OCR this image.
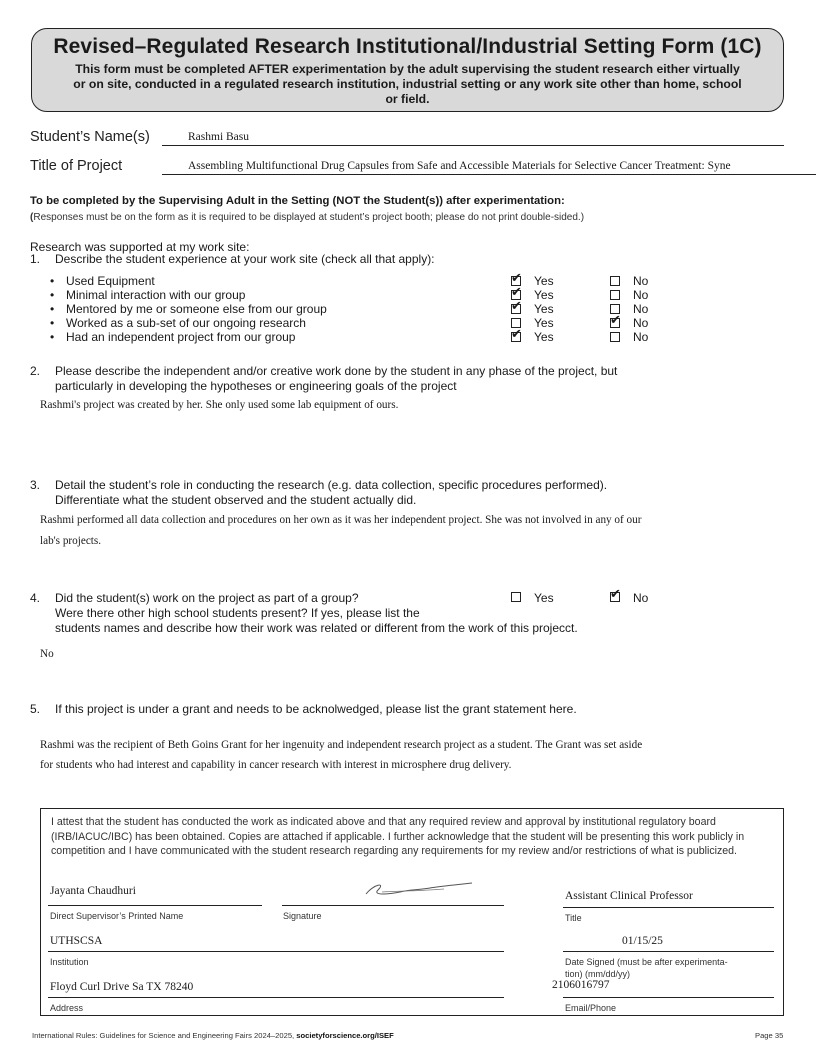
Revised–Regulated Research Institutional/Industrial Setting Form (1C)
This form must be completed AFTER experimentation by the adult supervising the student research either virtually or on site, conducted in a regulated research institution, industrial setting or any work site other than home, school or field.
Student’s Name(s)	Rashmi Basu
Title of Project	Assembling Multifunctional Drug Capsules from Safe and Accessible Materials for Selective Cancer Treatment: Syne
To be completed by the Supervising Adult in the Setting (NOT the Student(s)) after experimentation:
(Responses must be on the form as it is required to be displayed at student’s project booth; please do not print double-sided.)
Research was supported at my work site:
1. Describe the student experience at your work site (check all that apply):
• Used Equipment	✔ Yes	No
• Minimal interaction with our group	✔ Yes	No
• Mentored by me or someone else from our group	✔ Yes	No
• Worked as a sub-set of our ongoing research	Yes	✔ No
• Had an independent project from our group	✔ Yes	No
2. Please describe the independent and/or creative work done by the student in any phase of the project, but
particularly in developing the hypotheses or engineering goals of the project
Rashmi's project was created by her. She only used some lab equipment of ours.
3. Detail the student’s role in conducting the research (e.g. data collection, specific procedures performed).
Differentiate what the student observed and the student actually did.
Rashmi performed all data collection and procedures on her own as it was her independent project. She was not involved in any of our
lab's projects.
4. Did the student(s) work on the project as part of a group?
Were there other high school students present? If yes, please list the
students names and describe how their work was related or different from the work of this projecct.
Yes	✔ No
No
5. If this project is under a grant and needs to be acknolwedged, please list the grant statement here.
Rashmi was the recipient of Beth Goins Grant for her ingenuity and independent research project as a student. The Grant was set aside
for students who had interest and capability in cancer research with interest in microsphere drug delivery.
I attest that the student has conducted the work as indicated above and that any required review and approval by institutional regulatory board (IRB/IACUC/IBC) has been obtained. Copies are attached if applicable. I further acknowledge that the student will be presenting this work publicly in competition and I have communicated with the student research regarding any requirements for my review and/or restrictions of what is publicized.
Jayanta Chaudhuri
Direct Supervisor’s Printed Name	Signature
Assistant Clinical Professor
Title
UTHSCSA
Institution
01/15/25
Date Signed (must be after experimenta-
tion) (mm/dd/yy)
Floyd Curl Drive Sa TX 78240
Address
2106016797
Email/Phone
International Rules: Guidelines for Science and Engineering Fairs 2024–2025, societyforscience.org/ISEF	Page 35
